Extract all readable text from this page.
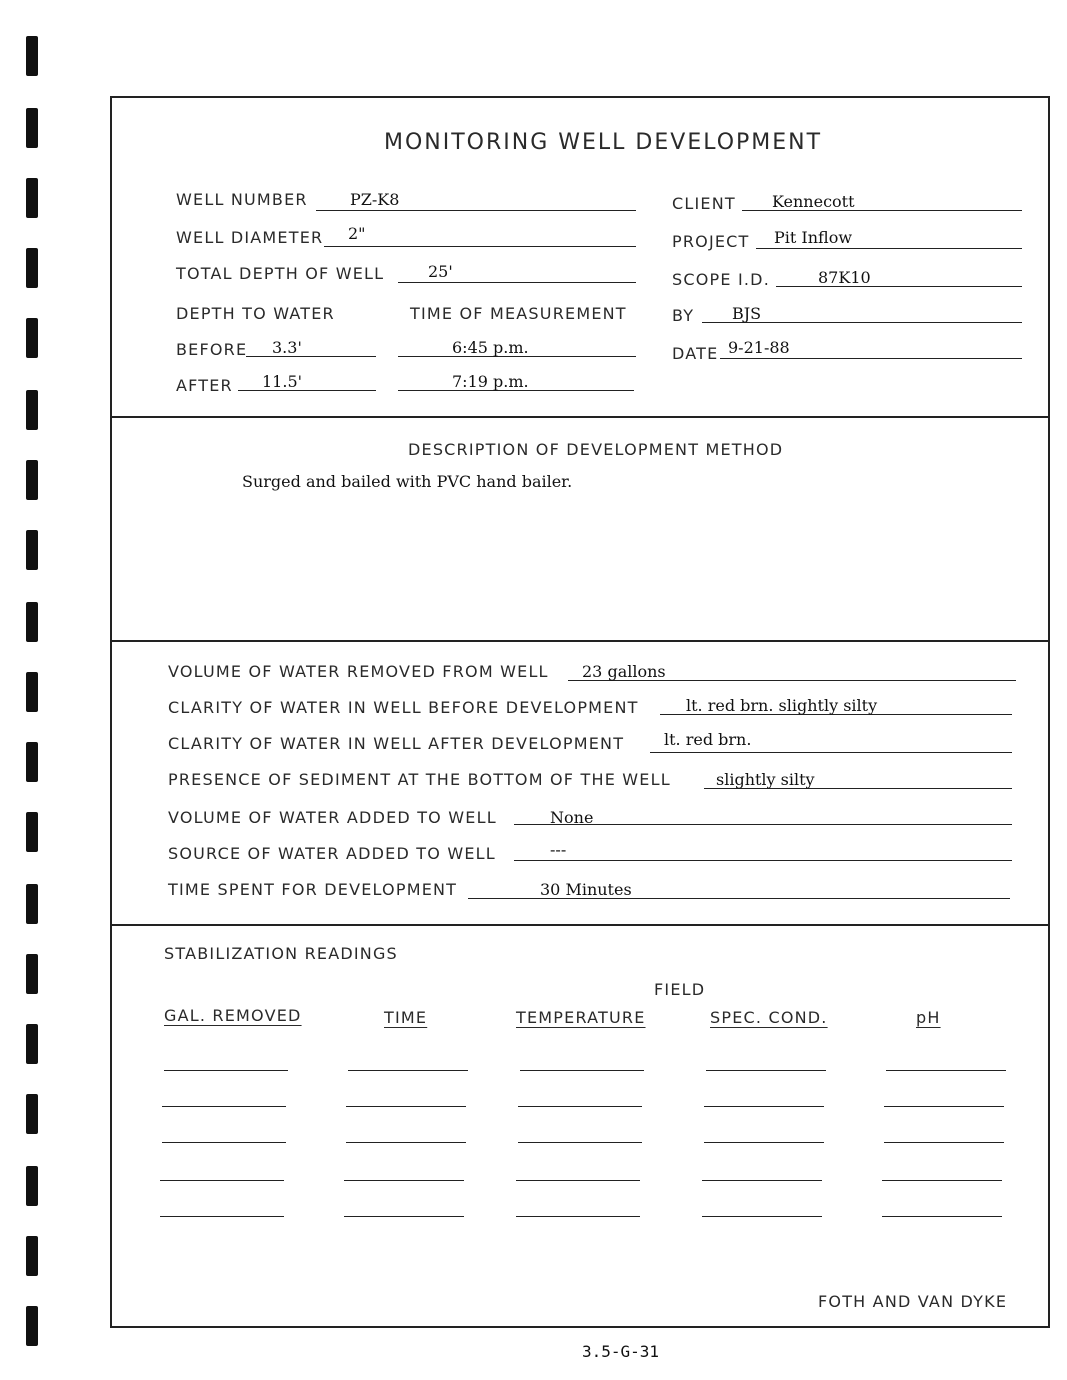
MONITORING WELL DEVELOPMENT
WELL NUMBER	PZ-K8
WELL DIAMETER 2"
TOTAL DEPTH OF WELL	25'
DEPTH TO WATER	TIME OF MEASUREMENT
BEFORE 3.3'	6:45 p.m.
AFTER 11.5'	7:19 p.m.
CLIENT Kennecott
PROJECT Pit Inflow
SCOPE I.D.	87K10
BY BJS
DATE 9-21-88
DESCRIPTION OF DEVELOPMENT METHOD
Surged and bailed with PVC hand bailer.
VOLUME OF WATER REMOVED FROM WELL 23 gallons
CLARITY OF WATER IN WELL BEFORE DEVELOPMENT	lt. red brn. slightly silty
CLARITY OF WATER IN WELL AFTER DEVELOPMENT lt. red brn.
PRESENCE OF SEDIMENT AT THE BOTTOM OF THE WELL	slightly silty
VOLUME OF WATER ADDED TO WELL	None
SOURCE OF WATER ADDED TO WELL	---
TIME SPENT FOR DEVELOPMENT	30 Minutes
STABILIZATION READINGS
FIELD
GAL. REMOVED	TIME	TEMPERATURE	SPEC. COND.	pH
FOTH AND VAN DYKE
3.5-G-31
